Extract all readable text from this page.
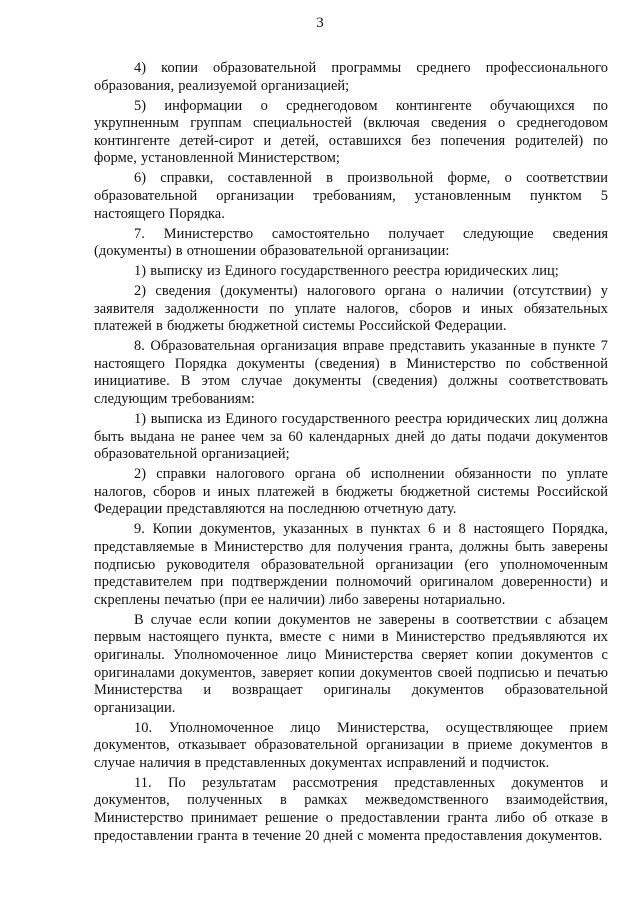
3

4) копии образовательной программы среднего профессионального образования, реализуемой организацией;

5) информации о среднегодовом контингенте обучающихся по укрупненным группам специальностей (включая сведения о среднегодовом контингенте детей-сирот и детей, оставшихся без попечения родителей) по форме, установленной Министерством;

6) справки, составленной в произвольной форме, о соответствии образовательной организации требованиям, установленным пунктом 5 настоящего Порядка.

7. Министерство самостоятельно получает следующие сведения (документы) в отношении образовательной организации:

1) выписку из Единого государственного реестра юридических лиц;

2) сведения (документы) налогового органа о наличии (отсутствии) у заявителя задолженности по уплате налогов, сборов и иных обязательных платежей в бюджеты бюджетной системы Российской Федерации.

8. Образовательная организация вправе представить указанные в пункте 7 настоящего Порядка документы (сведения) в Министерство по собственной инициативе. В этом случае документы (сведения) должны соответствовать следующим требованиям:

1) выписка из Единого государственного реестра юридических лиц должна быть выдана не ранее чем за 60 календарных дней до даты подачи документов образовательной организацией;

2) справки налогового органа об исполнении обязанности по уплате налогов, сборов и иных платежей в бюджеты бюджетной системы Российской Федерации представляются на последнюю отчетную дату.

9. Копии документов, указанных в пунктах 6 и 8 настоящего Порядка, представляемые в Министерство для получения гранта, должны быть заверены подписью руководителя образовательной организации (его уполномоченным представителем при подтверждении полномочий оригиналом доверенности) и скреплены печатью (при ее наличии) либо заверены нотариально.

В случае если копии документов не заверены в соответствии с абзацем первым настоящего пункта, вместе с ними в Министерство предъявляются их оригиналы. Уполномоченное лицо Министерства сверяет копии документов с оригиналами документов, заверяет копии документов своей подписью и печатью Министерства и возвращает оригиналы документов образовательной организации.

10. Уполномоченное лицо Министерства, осуществляющее прием документов, отказывает образовательной организации в приеме документов в случае наличия в представленных документах исправлений и подчисток.

11. По результатам рассмотрения представленных документов и документов, полученных в рамках межведомственного взаимодействия, Министерство принимает решение о предоставлении гранта либо об отказе в предоставлении гранта в течение 20 дней с момента предоставления документов.
